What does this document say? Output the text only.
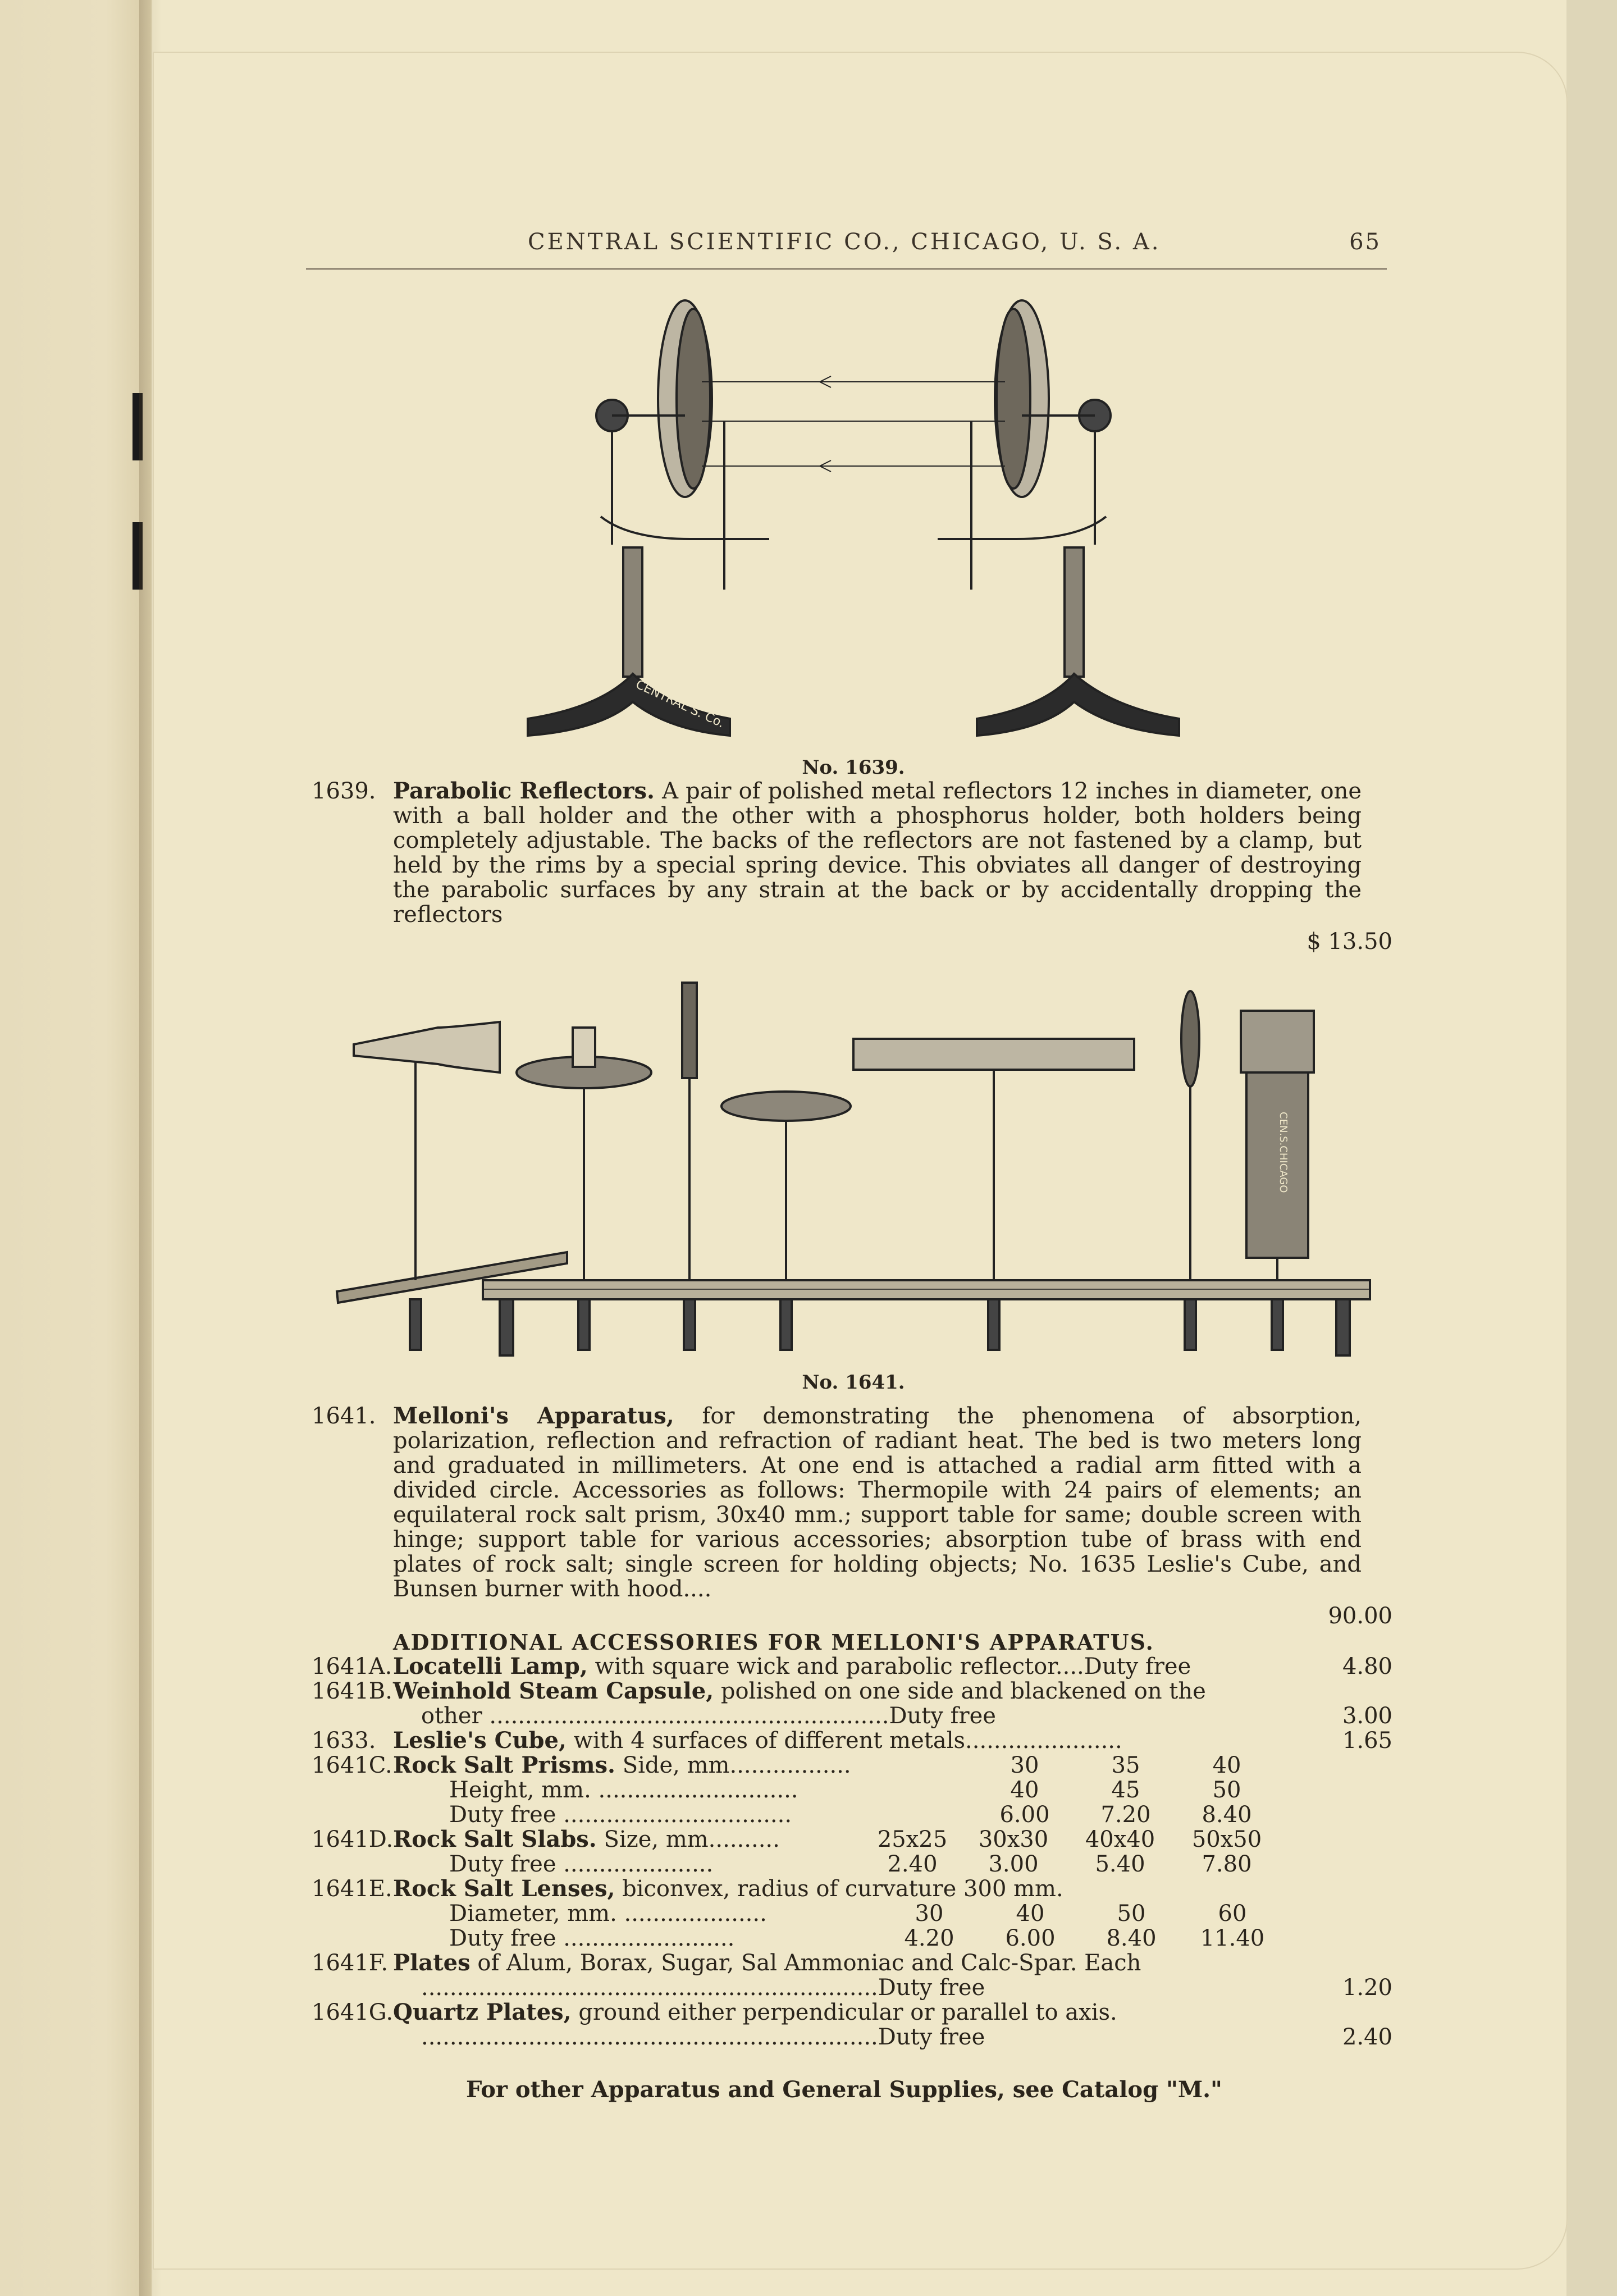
CENTRAL SCIENTIFIC CO., CHICAGO, U. S. A.	65
CENTRAL S. Co.
No. 1639.
1639. Parabolic Reflectors. A pair of polished metal reflectors 12 inches in diameter, one with a ball holder and the other with a phosphorus holder, both holders being completely adjustable. The backs of the reflectors are not fastened by a clamp, but held by the rims by a special spring device. This obviates all danger of destroying the parabolic surfaces by any strain at the back or by accidentally dropping the reflectors
$ 13.50
CEN.S.CHICAGO
No. 1641.
1641. Melloni's Apparatus, for demonstrating the phenomena of absorption, polarization, reflection and refraction of radiant heat. The bed is two meters long and graduated in millimeters. At one end is attached a radial arm fitted with a divided circle. Accessories as follows: Thermopile with 24 pairs of elements; an equilateral rock salt prism, 30x40 mm.; support table for same; double screen with hinge; support table for various accessories; absorption tube of brass with end plates of rock salt; single screen for holding objects; No. 1635 Leslie's Cube, and Bunsen burner with hood....
90.00
ADDITIONAL ACCESSORIES FOR MELLONI'S APPARATUS.
1641A. Locatelli Lamp, with square wick and parabolic reflector....Duty free	4.80
1641B. Weinhold Steam Capsule, polished on one side and blackened on the
other ........................................................Duty free	3.00
1633. Leslie's Cube, with 4 surfaces of different metals......................	1.65
1641C. Rock Salt Prisms. Side, mm.................	30	35	40
Height, mm. ............................	40	45	50
Duty free ................................	6.00	7.20	8.40
1641D. Rock Salt Slabs. Size, mm..........	25x25 30x30 40x40 50x50
Duty free .....................	2.40	3.00	5.40	7.80
1641E. Rock Salt Lenses, biconvex, radius of curvature 300 mm.
Diameter, mm. ....................	30	40	50	60
Duty free ........................	4.20	6.00	8.40	11.40
1641F. Plates of Alum, Borax, Sugar, Sal Ammoniac and Calc-Spar. Each
................................................................Duty free	1.20
1641G. Quartz Plates, ground either perpendicular or parallel to axis.
................................................................Duty free	2.40
For other Apparatus and General Supplies, see Catalog "M."
